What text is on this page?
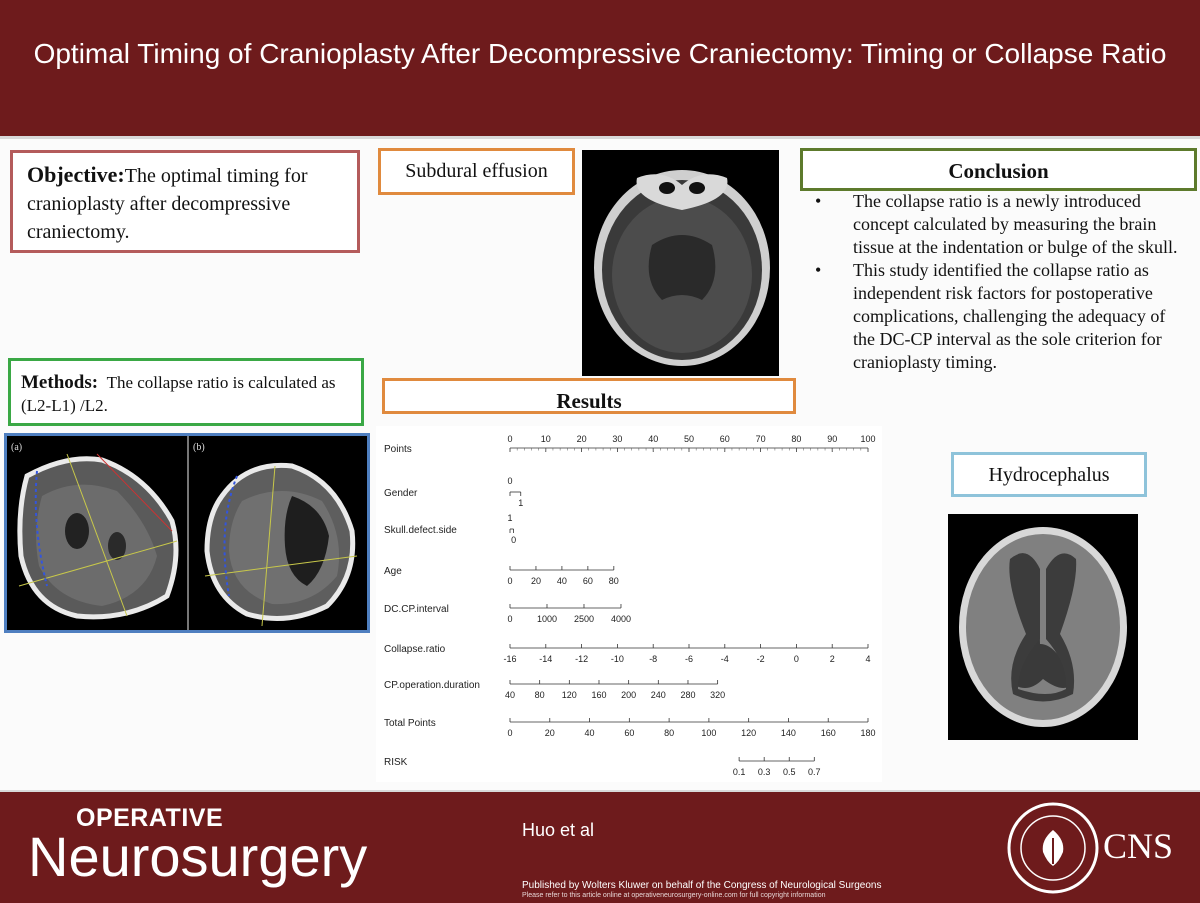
Optimal Timing of Cranioplasty After Decompressive Craniectomy: Timing or Collapse Ratio
Objective:The optimal timing for cranioplasty after decompressive craniectomy.
Methods: The collapse ratio is calculated as (L2-L1) /L2.
(a)	(b)
Subdural effusion
Results
Points
0	10	20	30	40	50	60	70	80	90	100
Gender
0
1
Skull.defect.side
1
0
Age
0 20 40 60 80
DC.CP.interval
0	1000 2500 4000
Collapse.ratio
-16	-14	-12	-10	-8	-6	-4	-2	0	2	4
CP.operation.duration
40 80 120 160 200 240 280 320
Total Points
0	20	40	60	80	100	120	140	160	180
RISK
0.1 0.3 0.5 0.7
Conclusion
•	The collapse ratio is a newly introduced concept calculated by measuring the brain tissue at the indentation or bulge of the skull.
•	This study identified the collapse ratio as independent risk factors for postoperative complications, challenging the adequacy of the DC-CP interval as the sole criterion for cranioplasty timing.
Hydrocephalus
OPERATIVE
Neurosurgery	Huo et al
Published by Wolters Kluwer on behalf of the Congress of Neurological Surgeons
Please refer to this article online at operativeneurosurgery-online.com for full copyright information
CNS
